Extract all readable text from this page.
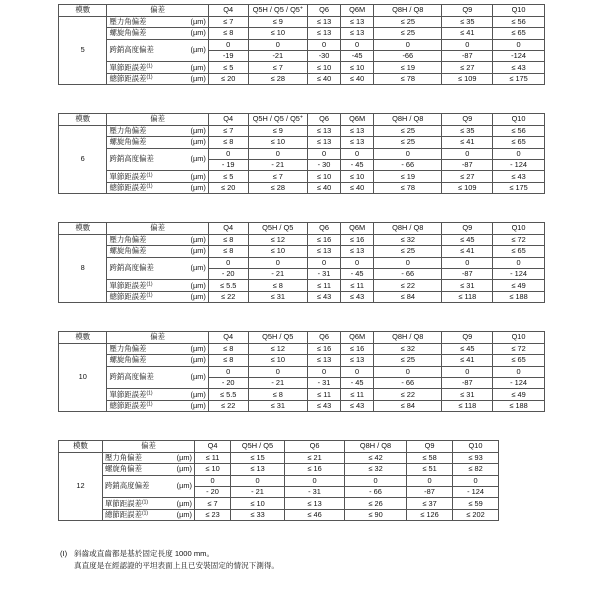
模數	偏差		Q4	Q5H / Q5 / Q5+	Q6	Q6M	Q8H / Q8	Q9	Q10
5	壓力角偏差	(µm)	≤ 7	≤ 9	≤ 13	≤ 13	≤ 25	≤ 35	≤ 56
	螺旋角偏差	(µm)	≤ 8	≤ 10	≤ 13	≤ 13	≤ 25	≤ 41	≤ 65
	跨銷高度偏差	(µm)	0	0	0	0	0	0	0
			-19	-21	-30	-45	-66	-87	-124
	單節距誤差$^{(1)}$	(µm)	≤ 5	≤ 7	≤ 10	≤ 10	≤ 19	≤ 27	≤ 43
	總節距誤差$^{(1)}$	(µm)	≤ 20	≤ 28	≤ 40	≤ 40	≤ 78	≤ 109	≤ 175
模數	偏差		Q4	Q5H / Q5 / Q5+	Q6	Q6M	Q8H / Q8	Q9	Q10
6	壓力角偏差	(µm)	≤ 7	≤ 9	≤ 13	≤ 13	≤ 25	≤ 35	≤ 56
	螺旋角偏差	(µm)	≤ 8	≤ 10	≤ 13	≤ 13	≤ 25	≤ 41	≤ 65
	跨銷高度偏差	(µm)	0	0	0	0	0	0	0
			- 19	- 21	- 30	- 45	- 66	-87	- 124
	單節距誤差$^{(1)}$	(µm)	≤ 5	≤ 7	≤ 10	≤ 10	≤ 19	≤ 27	≤ 43
	總節距誤差$^{(1)}$	(µm)	≤ 20	≤ 28	≤ 40	≤ 40	≤ 78	≤ 109	≤ 175
模數	偏差		Q4	Q5H / Q5	Q6	Q6M	Q8H / Q8	Q9	Q10
8	壓力角偏差	(µm)	≤ 8	≤ 12	≤ 16	≤ 16	≤ 32	≤ 45	≤ 72
	螺旋角偏差	(µm)	≤ 8	≤ 10	≤ 13	≤ 13	≤ 25	≤ 41	≤ 65
	跨銷高度偏差	(µm)	0	0	0	0	0	0	0
			- 20	- 21	- 31	- 45	- 66	-87	- 124
	單節距誤差$^{(1)}$	(µm)	≤ 5.5	≤ 8	≤ 11	≤ 11	≤ 22	≤ 31	≤ 49
	總節距誤差$^{(1)}$	(µm)	≤ 22	≤ 31	≤ 43	≤ 43	≤ 84	≤ 118	≤ 188
模數	偏差		Q4	Q5H / Q5	Q6	Q6M	Q8H / Q8	Q9	Q10
10	壓力角偏差	(µm)	≤ 8	≤ 12	≤ 16	≤ 16	≤ 32	≤ 45	≤ 72
	螺旋角偏差	(µm)	≤ 8	≤ 10	≤ 13	≤ 13	≤ 25	≤ 41	≤ 65
	跨銷高度偏差	(µm)	0	0	0	0	0	0	0
			- 20	- 21	- 31	- 45	- 66	-87	- 124
	單節距誤差$^{(1)}$	(µm)	≤ 5.5	≤ 8	≤ 11	≤ 11	≤ 22	≤ 31	≤ 49
	總節距誤差$^{(1)}$	(µm)	≤ 22	≤ 31	≤ 43	≤ 43	≤ 84	≤ 118	≤ 188
模數	偏差		Q4	Q5H / Q5	Q6	Q8H / Q8	Q9	Q10
12	壓力角偏差	(µm)	≤ 11	≤ 15	≤ 21	≤ 42	≤ 58	≤ 93
	螺旋角偏差	(µm)	≤ 10	≤ 13	≤ 16	≤ 32	≤ 51	≤ 82
	跨銷高度偏差	(µm)	0	0	0	0	0	0
			- 20	- 21	- 31	- 66	-87	- 124
	單節距誤差$^{(1)}$	(µm)	≤ 7	≤ 10	≤ 13	≤ 26	≤ 37	≤ 59
	總節距誤差$^{(1)}$	(µm)	≤ 23	≤ 33	≤ 46	≤ 90	≤ 126	≤ 202
(I) 斜齒或直齒都是基於固定長度 1000 mm。
真直度是在經認證的平坦表面上且已安裝固定的情況下測得。
